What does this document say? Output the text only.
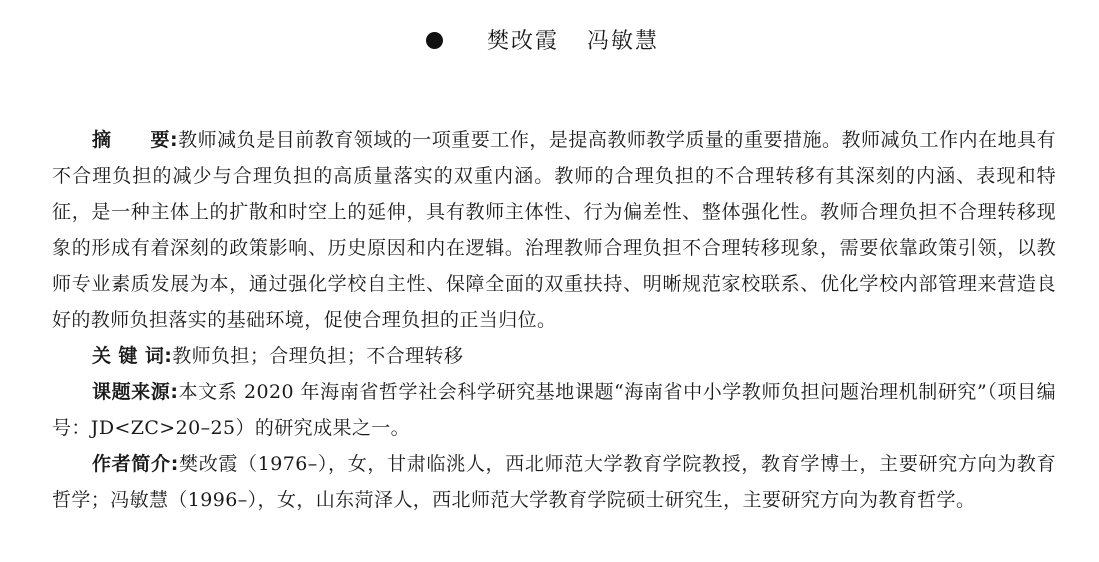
樊改霞 冯敏慧

摘　　要:教师减负是目前教育领域的一项重要工作，是提高教师教学质量的重要措施。教师减负工作内在地具有不合理负担的减少与合理负担的高质量落实的双重内涵。教师的合理负担的不合理转移有其深刻的内涵、表现和特征，是一种主体上的扩散和时空上的延伸，具有教师主体性、行为偏差性、整体强化性。教师合理负担不合理转移现象的形成有着深刻的政策影响、历史原因和内在逻辑。治理教师合理负担不合理转移现象，需要依靠政策引领，以教师专业素质发展为本，通过强化学校自主性、保障全面的双重扶持、明晰规范家校联系、优化学校内部管理来营造良好的教师负担落实的基础环境，促使合理负担的正当归位。

关 键 词:教师负担；合理负担；不合理转移

课题来源:本文系 2020 年海南省哲学社会科学研究基地课题“海南省中小学教师负担问题治理机制研究”（项目编号：JD<ZC>20–25）的研究成果之一。

作者简介:樊改霞（1976–），女，甘肃临洮人，西北师范大学教育学院教授，教育学博士，主要研究方向为教育哲学；冯敏慧（1996–），女，山东菏泽人，西北师范大学教育学院硕士研究生，主要研究方向为教育哲学。
